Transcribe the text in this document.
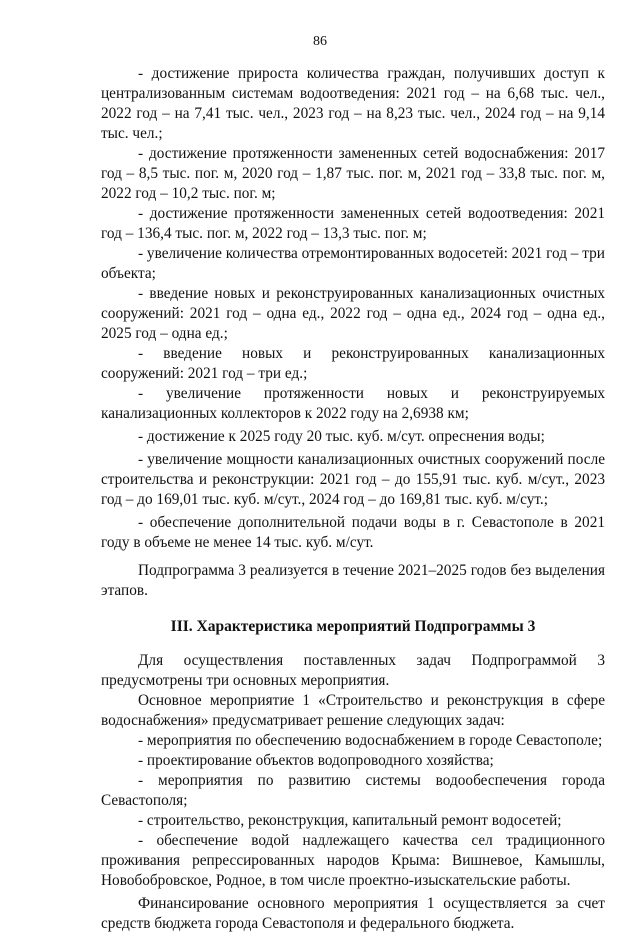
86

- достижение прироста количества граждан, получивших доступ к централизованным системам водоотведения: 2021 год – на 6,68 тыс. чел., 2022 год – на 7,41 тыс. чел., 2023 год – на 8,23 тыс. чел., 2024 год – на 9,14 тыс. чел.;

- достижение протяженности замененных сетей водоснабжения: 2017 год – 8,5 тыс. пог. м, 2020 год – 1,87 тыс. пог. м, 2021 год – 33,8 тыс. пог. м, 2022 год – 10,2 тыс. пог. м;

- достижение протяженности замененных сетей водоотведения: 2021 год – 136,4 тыс. пог. м, 2022 год – 13,3 тыс. пог. м;

- увеличение количества отремонтированных водосетей: 2021 год – три объекта;

- введение новых и реконструированных канализационных очистных сооружений: 2021 год – одна ед., 2022 год – одна ед., 2024 год – одна ед., 2025 год – одна ед.;

- введение новых и реконструированных канализационных сооружений: 2021 год – три ед.;

- увеличение протяженности новых и реконструируемых канализационных коллекторов к 2022 году на 2,6938 км;

- достижение к 2025 году 20 тыс. куб. м/сут. опреснения воды;

- увеличение мощности канализационных очистных сооружений после строительства и реконструкции: 2021 год – до 155,91 тыс. куб. м/сут., 2023 год – до 169,01 тыс. куб. м/сут., 2024 год – до 169,81 тыс. куб. м/сут.;

- обеспечение дополнительной подачи воды в г. Севастополе в 2021 году в объеме не менее 14 тыс. куб. м/сут.

Подпрограмма 3 реализуется в течение 2021–2025 годов без выделения этапов.

III. Характеристика мероприятий Подпрограммы 3

Для осуществления поставленных задач Подпрограммой 3 предусмотрены три основных мероприятия.

Основное мероприятие 1 «Строительство и реконструкция в сфере водоснабжения» предусматривает решение следующих задач:

- мероприятия по обеспечению водоснабжением в городе Севастополе;

- проектирование объектов водопроводного хозяйства;

- мероприятия по развитию системы водообеспечения города Севастополя;

- строительство, реконструкция, капитальный ремонт водосетей;

- обеспечение водой надлежащего качества сел традиционного проживания репрессированных народов Крыма: Вишневое, Камышлы, Новобобровское, Родное, в том числе проектно-изыскательские работы.

Финансирование основного мероприятия 1 осуществляется за счет средств бюджета города Севастополя и федерального бюджета.
